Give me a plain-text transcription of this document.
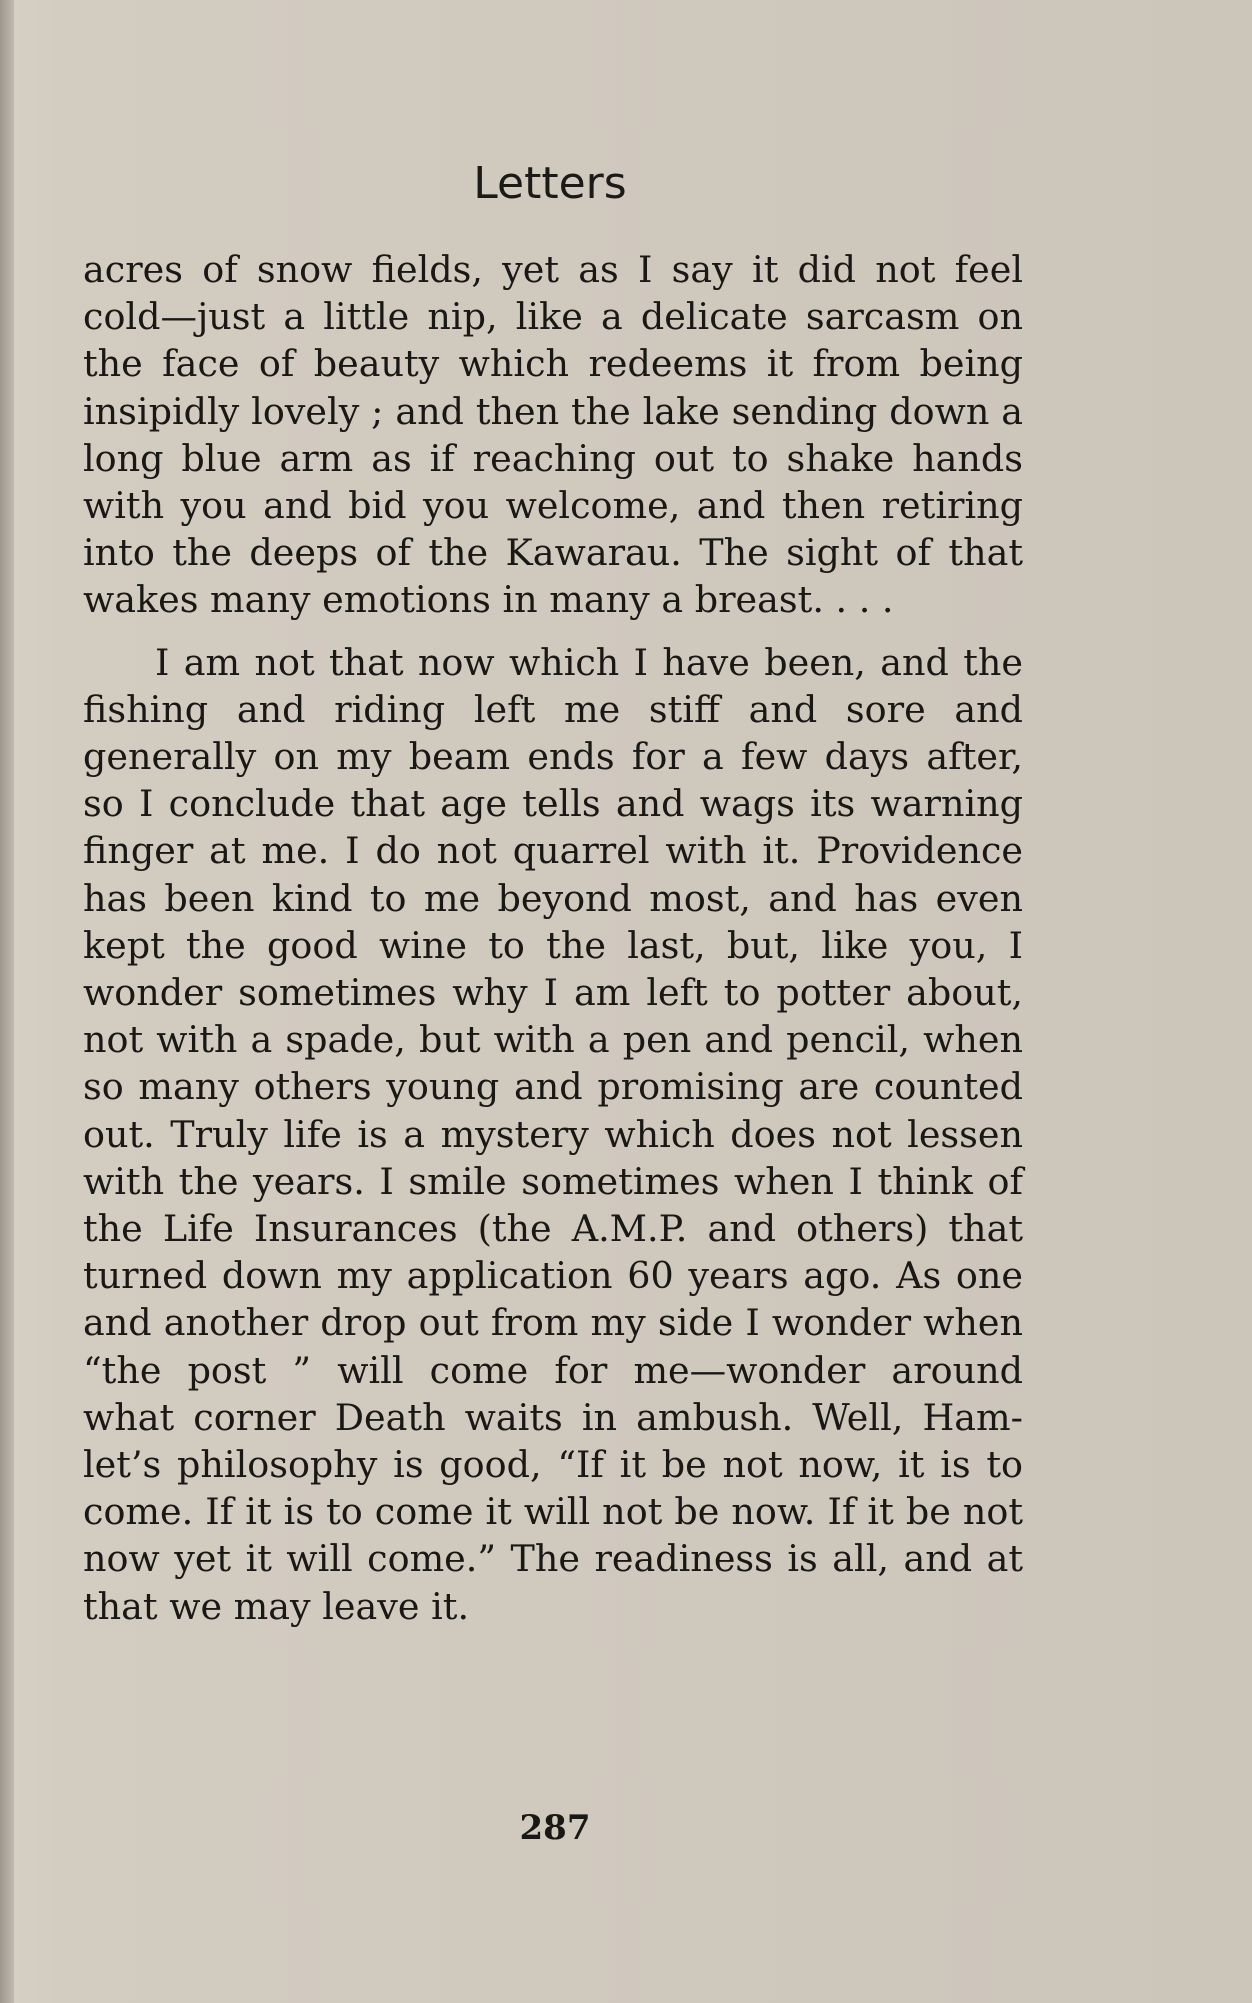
Letters

acres of snow fields, yet as I say it did not feel cold—just a little nip, like a delicate sarcasm on the face of beauty which redeems it from being insipidly lovely ; and then the lake sending down a long blue arm as if reaching out to shake hands with you and bid you welcome, and then retiring into the deeps of the Kawarau. The sight of that wakes many emotions in many a breast. . . .

I am not that now which I have been, and the fishing and riding left me stiff and sore and generally on my beam ends for a few days after, so I conclude that age tells and wags its warning finger at me. I do not quarrel with it. Providence has been kind to me beyond most, and has even kept the good wine to the last, but, like you, I wonder sometimes why I am left to potter about, not with a spade, but with a pen and pencil, when so many others young and promising are counted out. Truly life is a mystery which does not lessen with the years. I smile sometimes when I think of the Life Insurances (the A.M.P. and others) that turned down my application 60 years ago. As one and another drop out from my side I wonder when “the post ” will come for me—wonder around what corner Death waits in ambush. Well, Hamlet’s philosophy is good, “If it be not now, it is to come. If it is to come it will not be now. If it be not now yet it will come.” The readiness is all, and at that we may leave it.

287
